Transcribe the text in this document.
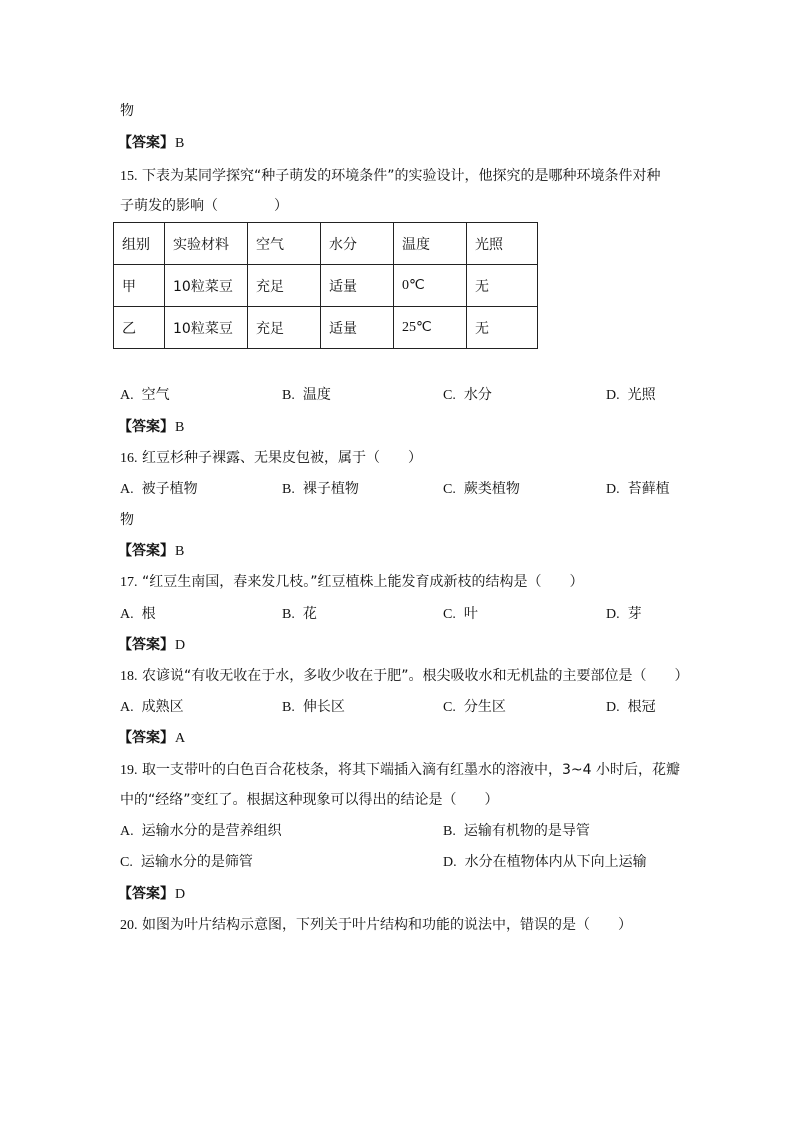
物
【答案】B
15. 下表为某同学探究“种子萌发的环境条件”的实验设计，他探究的是哪种环境条件对种
子萌发的影响（　　　　）
组别	实验材料	空气	水分	温度	光照
甲	10粒菜豆	充足	适量	0℃	无
乙	10粒菜豆	充足	适量	25℃	无
A. 空气	B. 温度	C. 水分	D. 光照
【答案】B
16. 红豆杉种子裸露、无果皮包被，属于（　　）
A. 被子植物	B. 裸子植物	C. 蕨类植物	D. 苔藓植
物
【答案】B
17. “红豆生南国，春来发几枝。”红豆植株上能发育成新枝的结构是（　　）
A. 根	B. 花	C. 叶	D. 芽
【答案】D
18. 农谚说“有收无收在于水，多收少收在于肥”。根尖吸收水和无机盐的主要部位是（　　）
A. 成熟区	B. 伸长区	C. 分生区	D. 根冠
【答案】A
19. 取一支带叶的白色百合花枝条，将其下端插入滴有红墨水的溶液中，3~4 小时后，花瓣
中的“经络”变红了。根据这种现象可以得出的结论是（　　）
A. 运输水分的是营养组织	B. 运输有机物的是导管
C. 运输水分的是筛管	D. 水分在植物体内从下向上运输
【答案】D
20. 如图为叶片结构示意图，下列关于叶片结构和功能的说法中，错误的是（　　）
